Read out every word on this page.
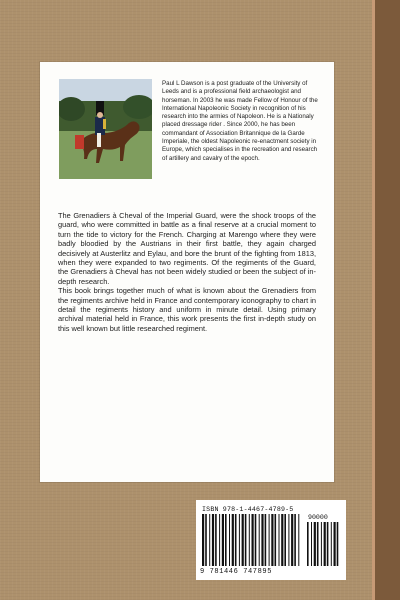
Paul L Dawson is a post graduate of the University of Leeds and is a professional field archaeologist and horseman. In 2003 he was made Fellow of Honour of the International Napoleonic Society in recognition of his research into the armies of Napoleon. He is a Nationaly placed dressage rider . Since 2000, he has been commandant of Association Britannique de la Garde Imperiale, the oldest Napoleonic re-enactment society in Europe, which specialises in the recreation and research of artillery and cavalry of the epoch.

The Grenadiers à Cheval of the Imperial Guard, were the shock troops of the guard, who were committed in battle as a final reserve at a crucial moment to turn the tide to victory for the French. Charging at Marengo where they were badly bloodied by the Austrians in their first battle, they again charged decisively at Austerlitz and Eylau, and bore the brunt of the fighting from 1813, when they were expanded to two regiments. Of the regiments of the Guard, the Grenadiers à Cheval has not been widely studied or been the subject of in-depth research.

This book brings together much of what is known about the Grenadiers from the regiments archive held in France and contemporary iconography to chart in detail the regiments history and uniform in minute detail. Using primary archival material held in France, this work presents the first in-depth study on this well known but little researched regiment.

ISBN 978-1-4467-4789-5
90000
9 781446 747895
